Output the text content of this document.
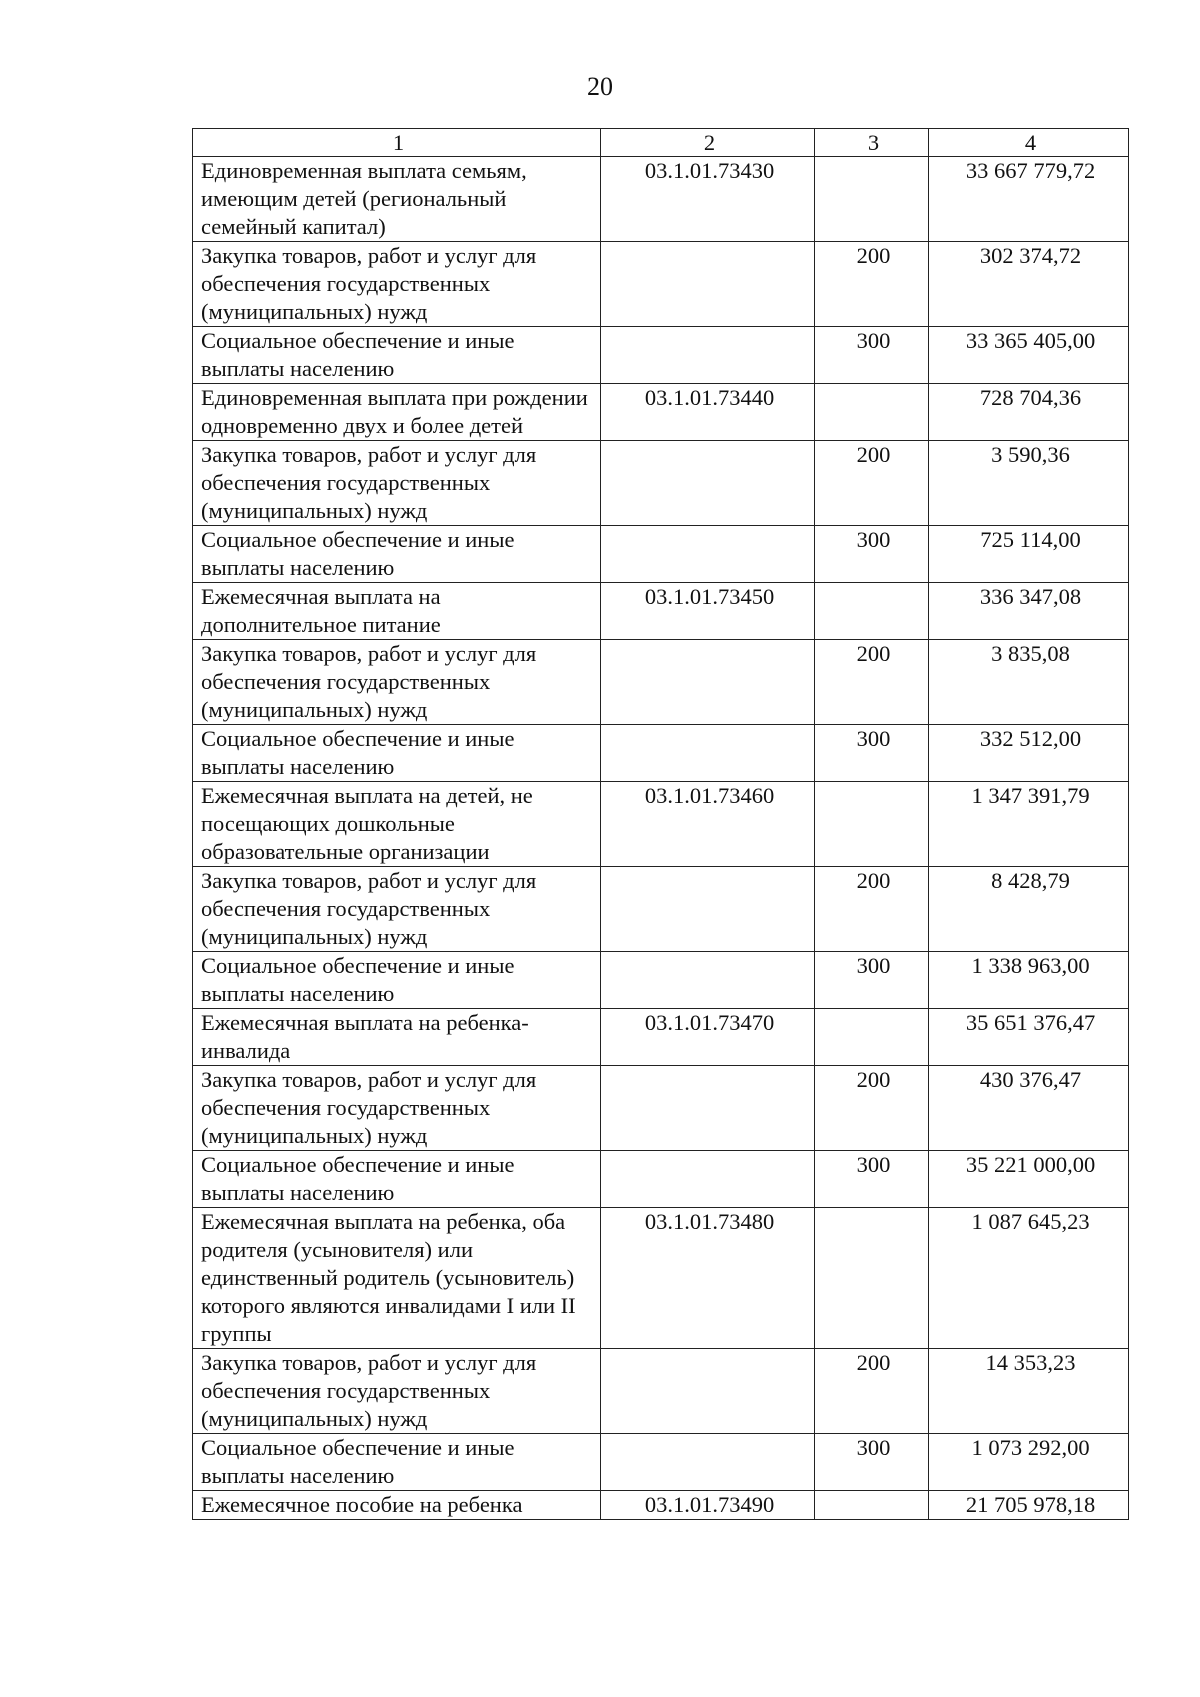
20
1	2	3	4
Единовременная выплата семьям, имеющим детей (региональный семейный капитал)	03.1.01.73430		33 667 779,72
Закупка товаров, работ и услуг для обеспечения государственных (муниципальных) нужд		200	302 374,72
Социальное обеспечение и иные выплаты населению		300	33 365 405,00
Единовременная выплата при рождении одновременно двух и более детей	03.1.01.73440		728 704,36
Закупка товаров, работ и услуг для обеспечения государственных (муниципальных) нужд		200	3 590,36
Социальное обеспечение и иные выплаты населению		300	725 114,00
Ежемесячная выплата на дополнительное питание	03.1.01.73450		336 347,08
Закупка товаров, работ и услуг для обеспечения государственных (муниципальных) нужд		200	3 835,08
Социальное обеспечение и иные выплаты населению		300	332 512,00
Ежемесячная выплата на детей, не посещающих дошкольные образовательные организации	03.1.01.73460		1 347 391,79
Закупка товаров, работ и услуг для обеспечения государственных (муниципальных) нужд		200	8 428,79
Социальное обеспечение и иные выплаты населению		300	1 338 963,00
Ежемесячная выплата на ребенка-инвалида	03.1.01.73470		35 651 376,47
Закупка товаров, работ и услуг для обеспечения государственных (муниципальных) нужд		200	430 376,47
Социальное обеспечение и иные выплаты населению		300	35 221 000,00
Ежемесячная выплата на ребенка, оба родителя (усыновителя) или единственный родитель (усыновитель) которого являются инвалидами I или II группы	03.1.01.73480		1 087 645,23
Закупка товаров, работ и услуг для обеспечения государственных (муниципальных) нужд		200	14 353,23
Социальное обеспечение и иные выплаты населению		300	1 073 292,00
Ежемесячное пособие на ребенка	03.1.01.73490		21 705 978,18
